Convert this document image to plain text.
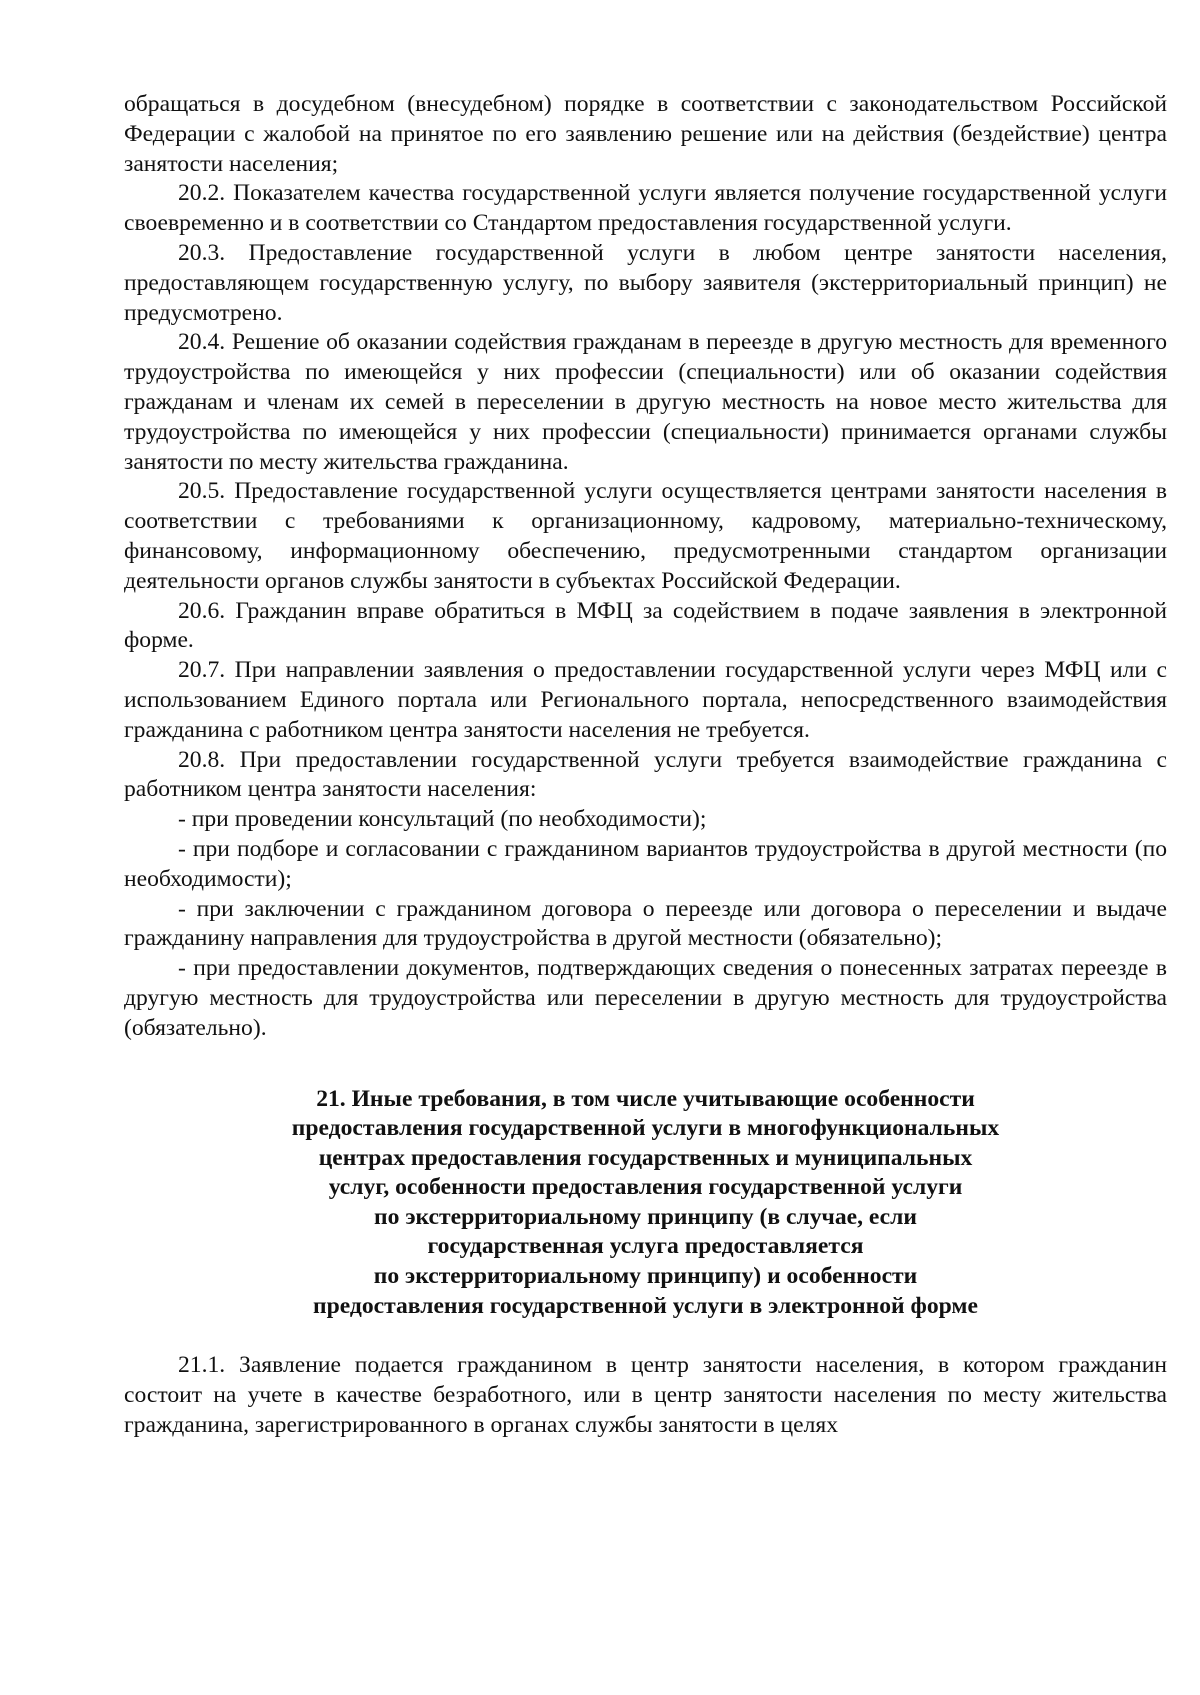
обращаться в досудебном (внесудебном) порядке в соответствии с законодательством Российской Федерации с жалобой на принятое по его заявлению решение или на действия (бездействие) центра занятости населения;

20.2. Показателем качества государственной услуги является получение государственной услуги своевременно и в соответствии со Стандартом предоставления государственной услуги.

20.3. Предоставление государственной услуги в любом центре занятости населения, предоставляющем государственную услугу, по выбору заявителя (экстерриториальный принцип) не предусмотрено.

20.4. Решение об оказании содействия гражданам в переезде в другую местность для временного трудоустройства по имеющейся у них профессии (специальности) или об оказании содействия гражданам и членам их семей в переселении в другую местность на новое место жительства для трудоустройства по имеющейся у них профессии (специальности) принимается органами службы занятости по месту жительства гражданина.

20.5. Предоставление государственной услуги осуществляется центрами занятости населения в соответствии с требованиями к организационному, кадровому, материально-техническому, финансовому, информационному обеспечению, предусмотренными стандартом организации деятельности органов службы занятости в субъектах Российской Федерации.

20.6. Гражданин вправе обратиться в МФЦ за содействием в подаче заявления в электронной форме.

20.7. При направлении заявления о предоставлении государственной услуги через МФЦ или с использованием Единого портала или Регионального портала, непосредственного взаимодействия гражданина с работником центра занятости населения не требуется.

20.8. При предоставлении государственной услуги требуется взаимодействие гражданина с работником центра занятости населения:

- при проведении консультаций (по необходимости);

- при подборе и согласовании с гражданином вариантов трудоустройства в другой местности (по необходимости);

- при заключении с гражданином договора о переезде или договора о переселении и выдаче гражданину направления для трудоустройства в другой местности (обязательно);

- при предоставлении документов, подтверждающих сведения о понесенных затратах переезде в другую местность для трудоустройства или переселении в другую местность для трудоустройства (обязательно).

21. Иные требования, в том числе учитывающие особенности
предоставления государственной услуги в многофункциональных
центрах предоставления государственных и муниципальных
услуг, особенности предоставления государственной услуги
по экстерриториальному принципу (в случае, если
государственная услуга предоставляется
по экстерриториальному принципу) и особенности
предоставления государственной услуги в электронной форме

21.1. Заявление подается гражданином в центр занятости населения, в котором гражданин состоит на учете в качестве безработного, или в центр занятости населения по месту жительства гражданина, зарегистрированного в органах службы занятости в целях
